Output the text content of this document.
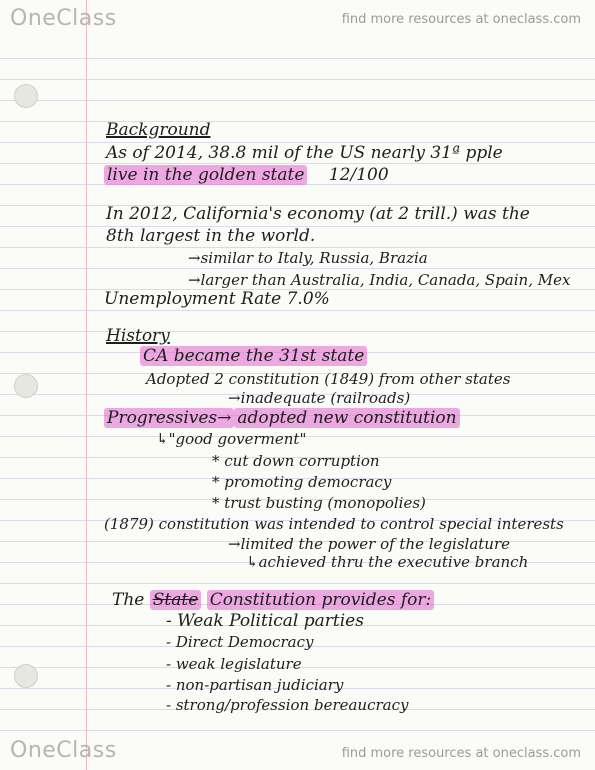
OneClass	find more resources at oneclass.com
Background
As of 2014, 38.8 mil of the US nearly 31ª pple
live in the golden state 12/100
In 2012, California's economy (at 2 trill.) was the
8th largest in the world.
→similar to Italy, Russia, Brazia
→larger than Australia, India, Canada, Spain, Mex
Unemployment Rate 7.0%
History
CA became the 31st state
Adopted 2 constitution (1849) from other states
→inadequate (railroads)
Progressives→ adopted new constitution
↳"good goverment"
* cut down corruption
* promoting democracy
* trust busting (monopolies)
(1879) constitution was intended to control special interests
→limited the power of the legislature
↳achieved thru the executive branch
The State Constitution provides for:
- Weak Political parties
- Direct Democracy
- weak legislature
- non-partisan judiciary
- strong/profession bereaucracy
OneClass	find more resources at oneclass.com
